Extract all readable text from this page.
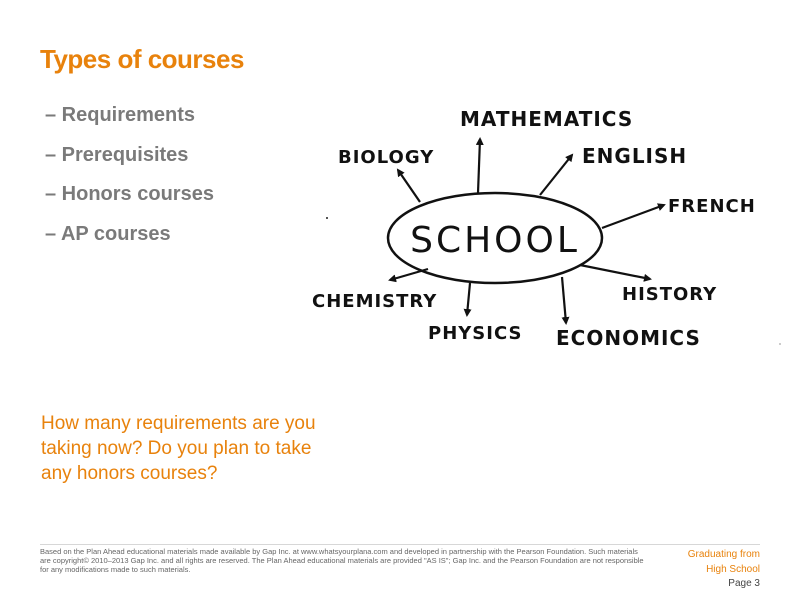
Types of courses
– Requirements
– Prerequisites
– Honors courses
– AP courses	SCHOOL
MATHEMATICS
BIOLOGY	ENGLISH
FRENCH
HISTORY
CHEMISTRY
PHYSICS ECONOMICS

How many requirements are you taking now? Do you plan to take any honors courses?

Based on the Plan Ahead educational materials made available by Gap Inc. at www.whatsyourplana.com and developed in partnership with the Pearson Foundation. Such materials are copyright© 2010–2013 Gap Inc. and all rights are reserved. The Plan Ahead educational materials are provided "AS IS"; Gap Inc. and the Pearson Foundation are not responsible for any modifications made to such materials.

Graduating from
High School
Page 3
